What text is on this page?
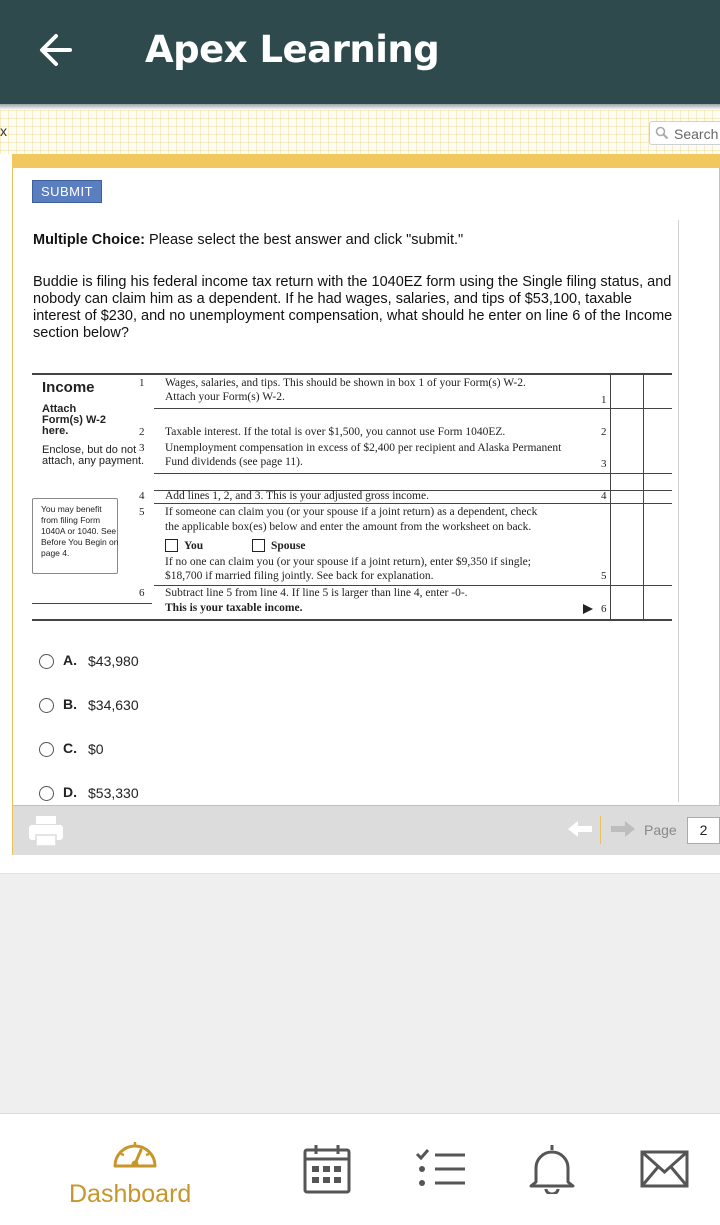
Apex Learning
x	Search
SUBMIT
Multiple Choice: Please select the best answer and click "submit."
Buddie is filing his federal income tax return with the 1040EZ form using the Single filing status, and nobody can claim him as a dependent. If he had wages, salaries, and tips of $53,100, taxable interest of $230, and no unemployment compensation, what should he enter on line 6 of the Income section below?
Income
Attach Form(s) W-2 here.
Enclose, but do not attach, any payment.
You may benefit from filing Form 1040A or 1040. See Before You Begin on page 4.
1 Wages, salaries, and tips. This should be shown in box 1 of your Form(s) W-2.
Attach your Form(s) W-2.	1
2 Taxable interest. If the total is over $1,500, you cannot use Form 1040EZ.	2
3 Unemployment compensation in excess of $2,400 per recipient and Alaska Permanent
Fund dividends (see page 11).	3
4 Add lines 1, 2, and 3. This is your adjusted gross income.	4
5 If someone can claim you (or your spouse if a joint return) as a dependent, check
the applicable box(es) below and enter the amount from the worksheet on back.
You	Spouse
If no one can claim you (or your spouse if a joint return), enter $9,350 if single;
$18,700 if married filing jointly. See back for explanation.	5
6 Subtract line 5 from line 4. If line 5 is larger than line 4, enter -0-.
This is your taxable income.	6
A. $43,980
B. $34,630
C. $0
D. $53,330
Page	2
Dashboard
